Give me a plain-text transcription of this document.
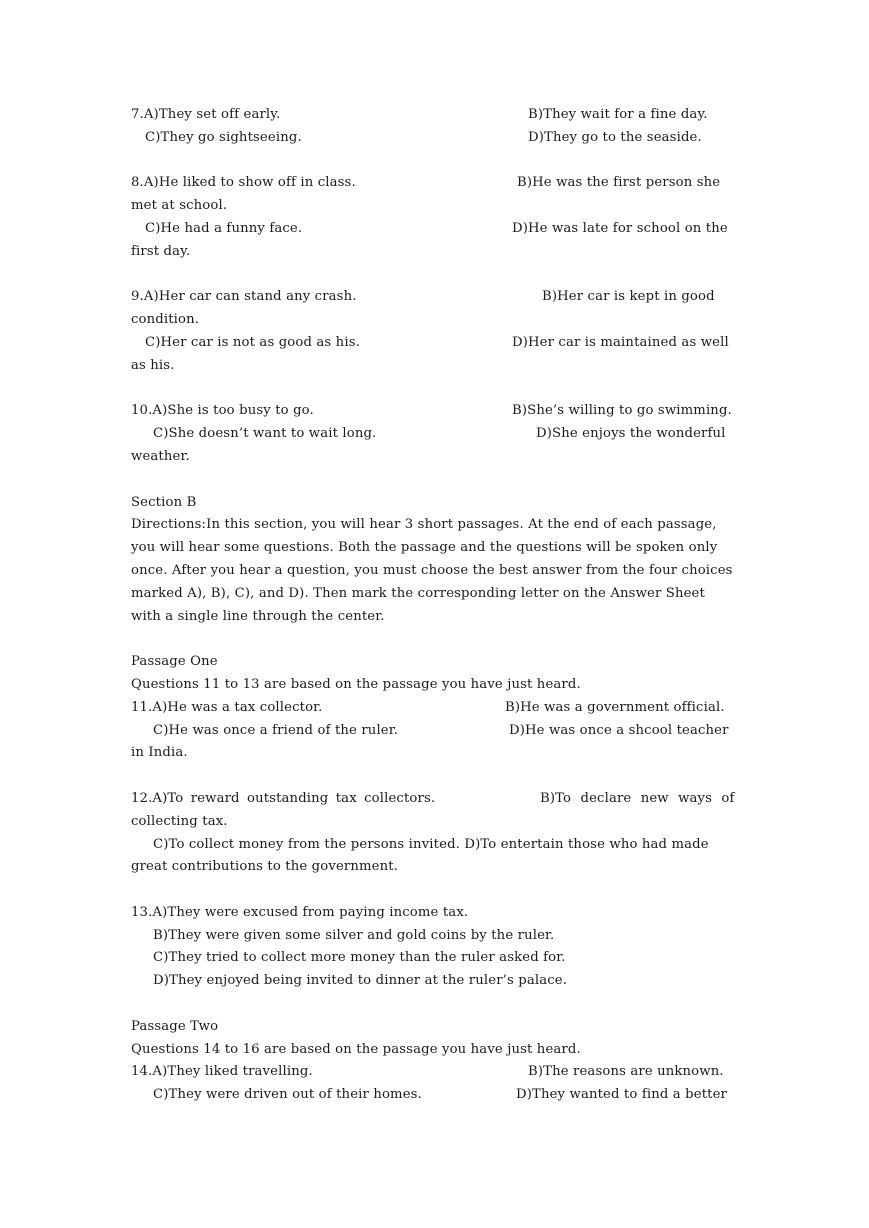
7.A)They set off early.	B)They wait for a fine day.
C)They go sightseeing.	D)They go to the seaside.
8.A)He liked to show off in class.	B)He was the first person she
met at school.
C)He had a funny face.	D)He was late for school on the
first day.
9.A)Her car can stand any crash.	B)Her car is kept in good
condition.
C)Her car is not as good as his.	D)Her car is maintained as well
as his.
10.A)She is too busy to go.	B)She’s willing to go swimming.
C)She doesn’t want to wait long.	D)She enjoys the wonderful
weather.
Section B
Directions:In this section, you will hear 3 short passages. At the end of each passage,
you will hear some questions. Both the passage and the questions will be spoken only
once. After you hear a question, you must choose the best answer from the four choices
marked A), B), C), and D). Then mark the corresponding letter on the Answer Sheet
with a single line through the center.
Passage One
Questions 11 to 13 are based on the passage you have just heard.
11.A)He was a tax collector.	B)He was a government official.
C)He was once a friend of the ruler.	D)He was once a shcool teacher
in India.
12.A)To reward outstanding tax collectors.	B)To declare new ways of
collecting tax.
C)To collect money from the persons invited. D)To entertain those who had made
great contributions to the government.
13.A)They were excused from paying income tax.
B)They were given some silver and gold coins by the ruler.
C)They tried to collect more money than the ruler asked for.
D)They enjoyed being invited to dinner at the ruler’s palace.
Passage Two
Questions 14 to 16 are based on the passage you have just heard.
14.A)They liked travelling.	B)The reasons are unknown.
C)They were driven out of their homes.	D)They wanted to find a better
